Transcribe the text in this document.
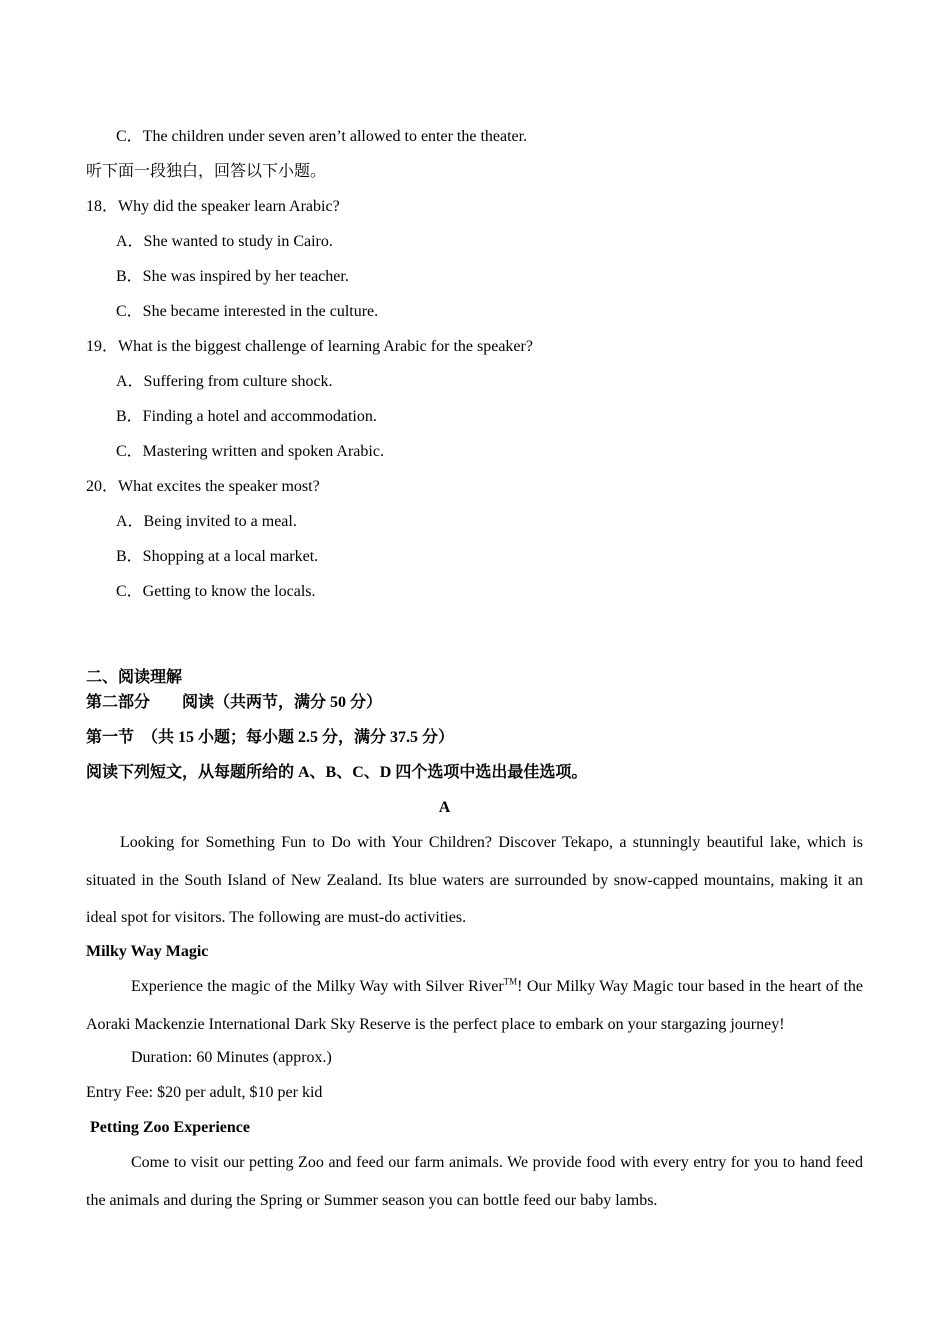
C．The children under seven aren’t allowed to enter the theater.
听下面一段独白，回答以下小题。
18．Why did the speaker learn Arabic?
A．She wanted to study in Cairo.
B．She was inspired by her teacher.
C．She became interested in the culture.
19．What is the biggest challenge of learning Arabic for the speaker?
A．Suffering from culture shock.
B．Finding a hotel and accommodation.
C．Mastering written and spoken Arabic.
20．What excites the speaker most?
A．Being invited to a meal.
B．Shopping at a local market.
C．Getting to know the locals.
二、阅读理解
第二部分　　阅读（共两节，满分 50 分）
第一节　（共 15 小题；每小题 2.5 分，满分 37.5 分）
阅读下列短文，从每题所给的 A、B、C、D 四个选项中选出最佳选项。
A

Looking for Something Fun to Do with Your Children? Discover Tekapo, a stunningly beautiful lake, which is situated in the South Island of New Zealand. Its blue waters are surrounded by snow-capped mountains, making it an ideal spot for visitors. The following are must-do activities.

Milky Way Magic

Experience the magic of the Milky Way with Silver River™! Our Milky Way Magic tour based in the heart of the Aoraki Mackenzie International Dark Sky Reserve is the perfect place to embark on your stargazing journey!

Duration: 60 Minutes (approx.)
Entry Fee: $20 per adult, $10 per kid
Petting Zoo Experience

Come to visit our petting Zoo and feed our farm animals. We provide food with every entry for you to hand feed the animals and during the Spring or Summer season you can bottle feed our baby lambs.
